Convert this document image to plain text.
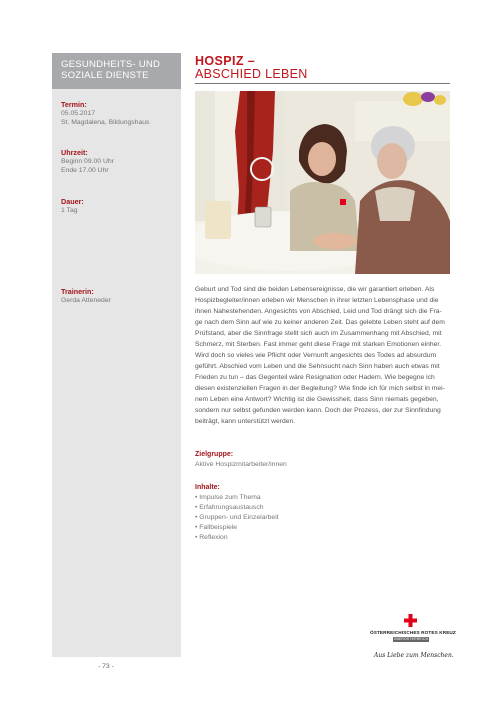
GESUNDHEITS- UND
SOZIALE DIENSTE
Termin:
05.05.2017
St. Magdalena, Bildungshaus
Uhrzeit:
Beginn 09.00 Uhr
Ende 17.00 Uhr
Dauer:
1 Tag
Trainerin:
Gerda Atteneder
HOSPIZ –
ABSCHIED LEBEN
Geburt und Tod sind die beiden Lebensereignisse, die wir garantiert erleben. Als
Hospizbegleiter/innen erleben wir Menschen in ihrer letzten Lebensphase und die
ihnen Nahestehenden. Angesichts von Abschied, Leid und Tod drängt sich die Fra-
ge nach dem Sinn auf wie zu keiner anderen Zeit. Das gelebte Leben steht auf dem
Prüfstand, aber die Sinnfrage stellt sich auch im Zusammenhang mit Abschied, mit
Schmerz, mit Sterben. Fast immer geht diese Frage mit starken Emotionen einher.
Wird doch so vieles wie Pflicht oder Vernunft angesichts des Todes ad absurdum
geführt. Abschied vom Leben und die Sehnsucht nach Sinn haben auch etwas mit
Frieden zu tun – das Gegenteil wäre Resignation oder Hadern. Wie begegne ich
diesen existenziellen Fragen in der Begleitung? Wie finde ich für mich selbst in mei-
nem Leben eine Antwort? Wichtig ist die Gewissheit, dass Sinn niemals gegeben,
sondern nur selbst gefunden werden kann. Doch der Prozess, der zur Sinnfindung
beiträgt, kann unterstützt werden.
Zielgruppe:
Aktive Hospizmitarbeiter/innen
Inhalte:
• Impulse zum Thema
• Erfahrungsaustausch
• Gruppen- und Einzelarbeit
• Fallbeispiele
• Reflexion
ÖSTERREICHISCHES ROTES KREUZ
OBERÖSTERREICH
Aus Liebe zum Menschen.
- 73 -
